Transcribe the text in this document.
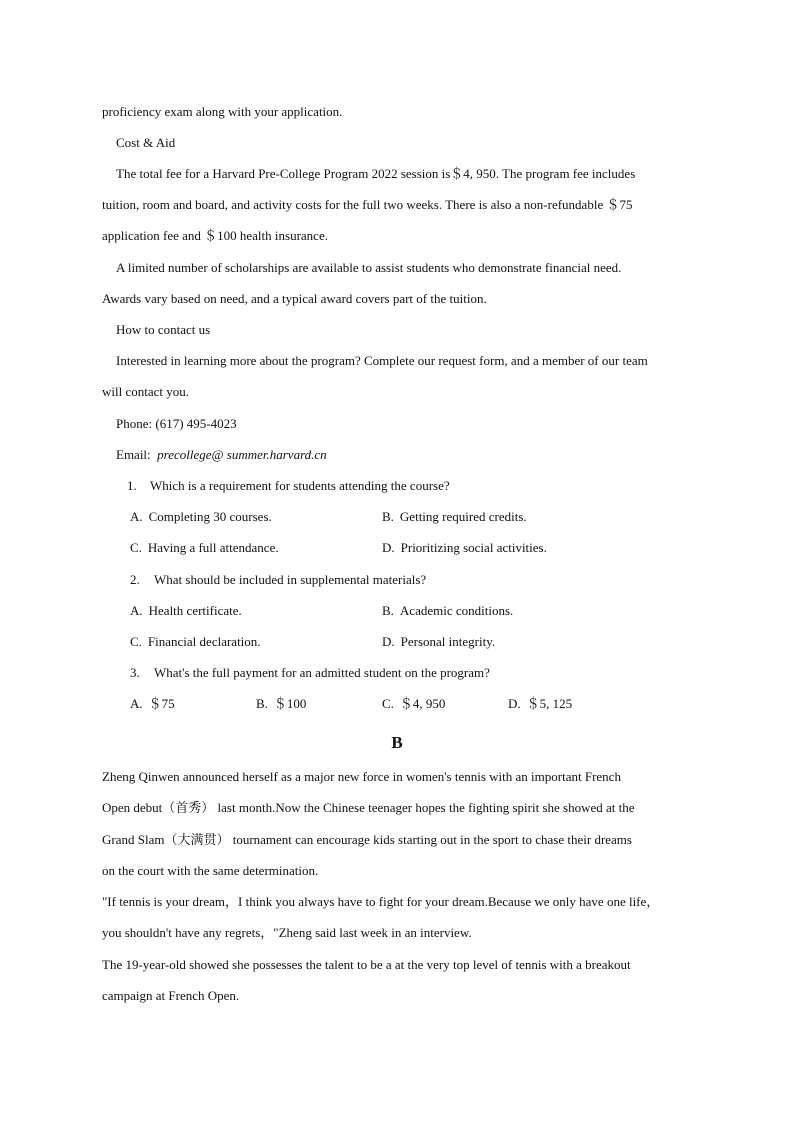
proficiency exam along with your application.
Cost & Aid
The total fee for a Harvard Pre-College Program 2022 session is＄4, 950. The program fee includes
tuition, room and board, and activity costs for the full two weeks. There is also a non-refundable ＄75
application fee and ＄100 health insurance.
A limited number of scholarships are available to assist students who demonstrate financial need.
Awards vary based on need, and a typical award covers part of the tuition.
How to contact us
Interested in learning more about the program? Complete our request form, and a member of our team
will contact you.
Phone: (617) 495-4023
Email: precollege@ summer.harvard.cn
1. Which is a requirement for students attending the course?
A. Completing 30 courses.	B. Getting required credits.
C. Having a full attendance.	D. Prioritizing social activities.
2. What should be included in supplemental materials?
A. Health certificate.	B. Academic conditions.
C. Financial declaration.	D. Personal integrity.
3. What's the full payment for an admitted student on the program?
A. ＄75	B. ＄100	C. ＄4, 950	D. ＄5, 125
B
Zheng Qinwen announced herself as a major new force in women's tennis with an important French
Open debut（首秀） last month.Now the Chinese teenager hopes the fighting spirit she showed at the
Grand Slam（大满贯） tournament can encourage kids starting out in the sport to chase their dreams
on the court with the same determination.
"If tennis is your dream，I think you always have to fight for your dream.Because we only have one life，
you shouldn't have any regrets，"Zheng said last week in an interview.
The 19-year-old showed she possesses the talent to be a at the very top level of tennis with a breakout
campaign at French Open.
